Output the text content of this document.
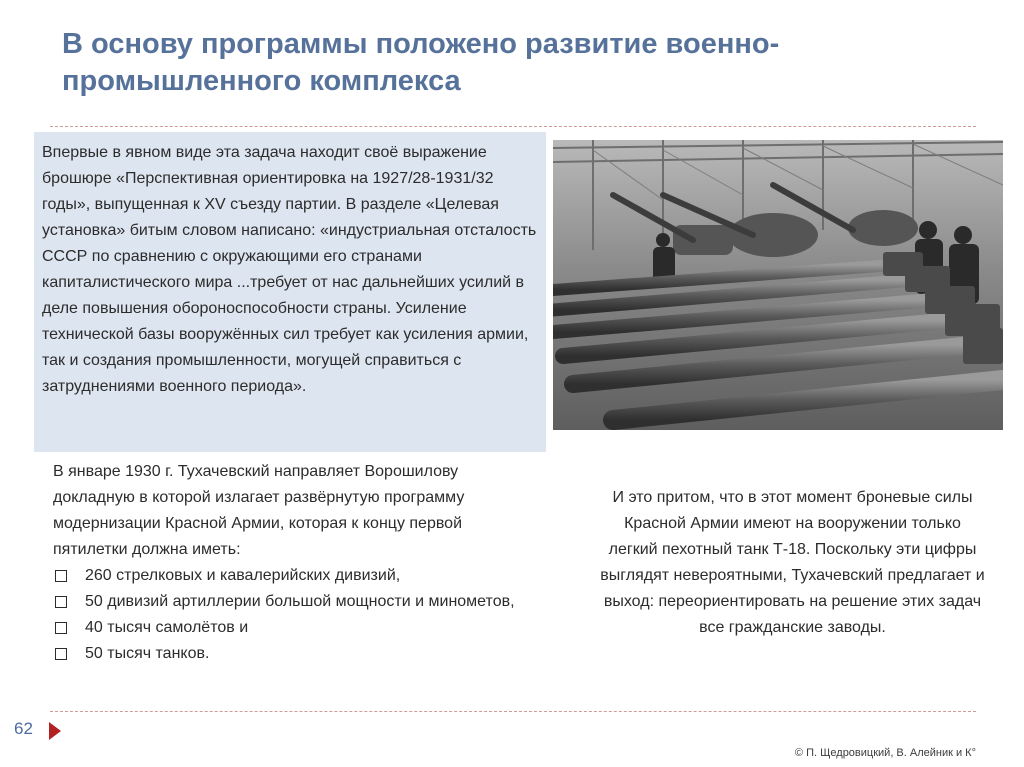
В основу программы положено развитие военно-промышленного комплекса
Впервые в явном виде эта задача находит своё выражение брошюре «Перспективная ориентировка на 1927/28-1931/32 годы», выпущенная к XV съезду партии. В разделе «Целевая установка» битым словом написано: «индустриальная отсталость СССР по сравнению с окружающими его странами капиталистического мира ...требует от нас дальнейших усилий в деле повышения обороноспособности страны. Усиление технической базы вооружённых сил требует как усиления армии, так и создания промышленности, могущей справиться с затруднениями военного периода».
В январе 1930 г. Тухачевский направляет Ворошилову докладную в которой излагает развёрнутую программу модернизации Красной Армии, которая к концу первой пятилетки должна иметь:
260 стрелковых и кавалерийских дивизий,
50 дивизий артиллерии большой мощности и минометов,
40 тысяч самолётов и
50 тысяч танков.
И это притом, что в этот момент броневые силы Красной Армии имеют на вооружении только легкий пехотный танк Т-18. Поскольку эти цифры выглядят невероятными, Тухачевский предлагает и выход: переориентировать на решение этих задач все гражданские заводы.
62
© П. Щедровицкий, В. Алейник и К°
